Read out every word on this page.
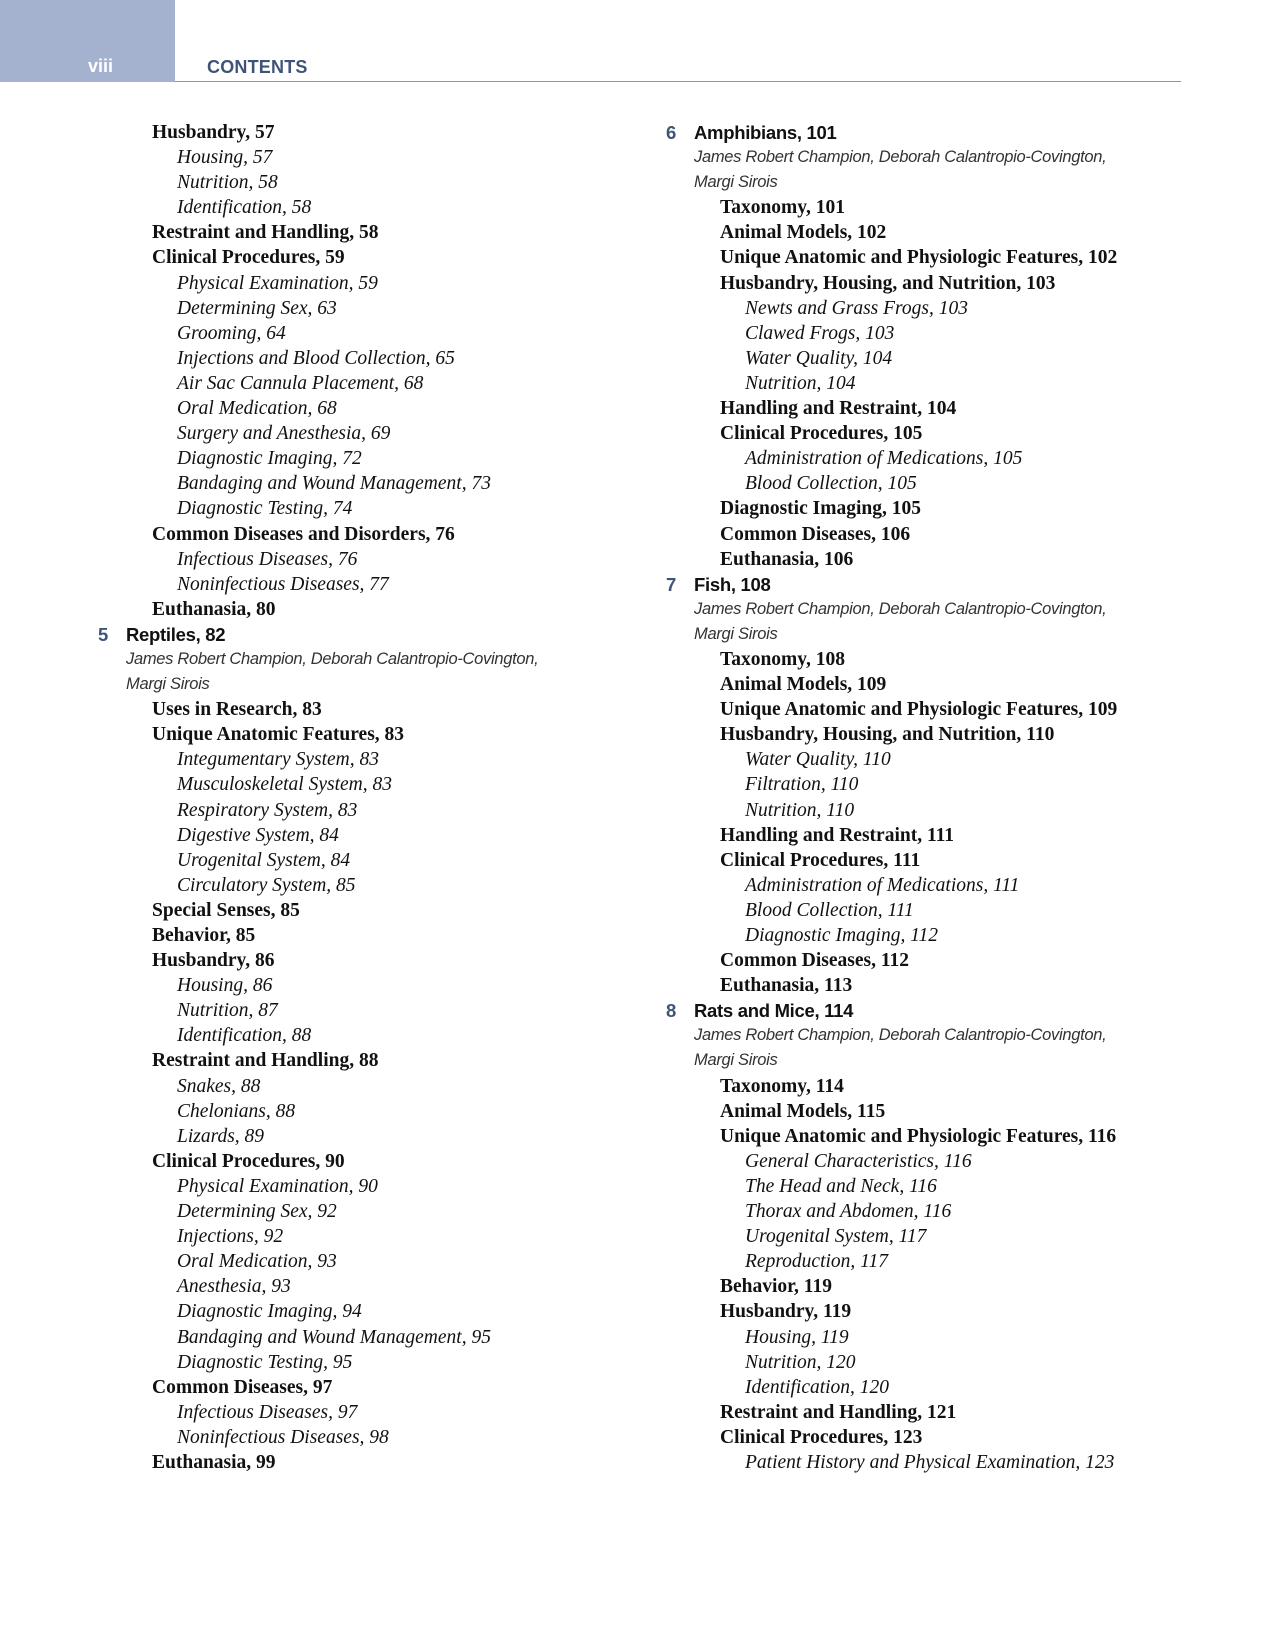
viii	CONTENTS
Husbandry, 57
Housing, 57
Nutrition, 58
Identification, 58
Restraint and Handling, 58
Clinical Procedures, 59
Physical Examination, 59
Determining Sex, 63
Grooming, 64
Injections and Blood Collection, 65
Air Sac Cannula Placement, 68
Oral Medication, 68
Surgery and Anesthesia, 69
Diagnostic Imaging, 72
Bandaging and Wound Management, 73
Diagnostic Testing, 74
Common Diseases and Disorders, 76
Infectious Diseases, 76
Noninfectious Diseases, 77
Euthanasia, 80
5 Reptiles, 82
James Robert Champion, Deborah Calantropio-Covington,
Margi Sirois
Uses in Research, 83
Unique Anatomic Features, 83
Integumentary System, 83
Musculoskeletal System, 83
Respiratory System, 83
Digestive System, 84
Urogenital System, 84
Circulatory System, 85
Special Senses, 85
Behavior, 85
Husbandry, 86
Housing, 86
Nutrition, 87
Identification, 88
Restraint and Handling, 88
Snakes, 88
Chelonians, 88
Lizards, 89
Clinical Procedures, 90
Physical Examination, 90
Determining Sex, 92
Injections, 92
Oral Medication, 93
Anesthesia, 93
Diagnostic Imaging, 94
Bandaging and Wound Management, 95
Diagnostic Testing, 95
Common Diseases, 97
Infectious Diseases, 97
Noninfectious Diseases, 98
Euthanasia, 99
6 Amphibians, 101
James Robert Champion, Deborah Calantropio-Covington,
Margi Sirois
Taxonomy, 101
Animal Models, 102
Unique Anatomic and Physiologic Features, 102
Husbandry, Housing, and Nutrition, 103
Newts and Grass Frogs, 103
Clawed Frogs, 103
Water Quality, 104
Nutrition, 104
Handling and Restraint, 104
Clinical Procedures, 105
Administration of Medications, 105
Blood Collection, 105
Diagnostic Imaging, 105
Common Diseases, 106
Euthanasia, 106
7 Fish, 108
James Robert Champion, Deborah Calantropio-Covington,
Margi Sirois
Taxonomy, 108
Animal Models, 109
Unique Anatomic and Physiologic Features, 109
Husbandry, Housing, and Nutrition, 110
Water Quality, 110
Filtration, 110
Nutrition, 110
Handling and Restraint, 111
Clinical Procedures, 111
Administration of Medications, 111
Blood Collection, 111
Diagnostic Imaging, 112
Common Diseases, 112
Euthanasia, 113
8 Rats and Mice, 114
James Robert Champion, Deborah Calantropio-Covington,
Margi Sirois
Taxonomy, 114
Animal Models, 115
Unique Anatomic and Physiologic Features, 116
General Characteristics, 116
The Head and Neck, 116
Thorax and Abdomen, 116
Urogenital System, 117
Reproduction, 117
Behavior, 119
Husbandry, 119
Housing, 119
Nutrition, 120
Identification, 120
Restraint and Handling, 121
Clinical Procedures, 123
Patient History and Physical Examination, 123
